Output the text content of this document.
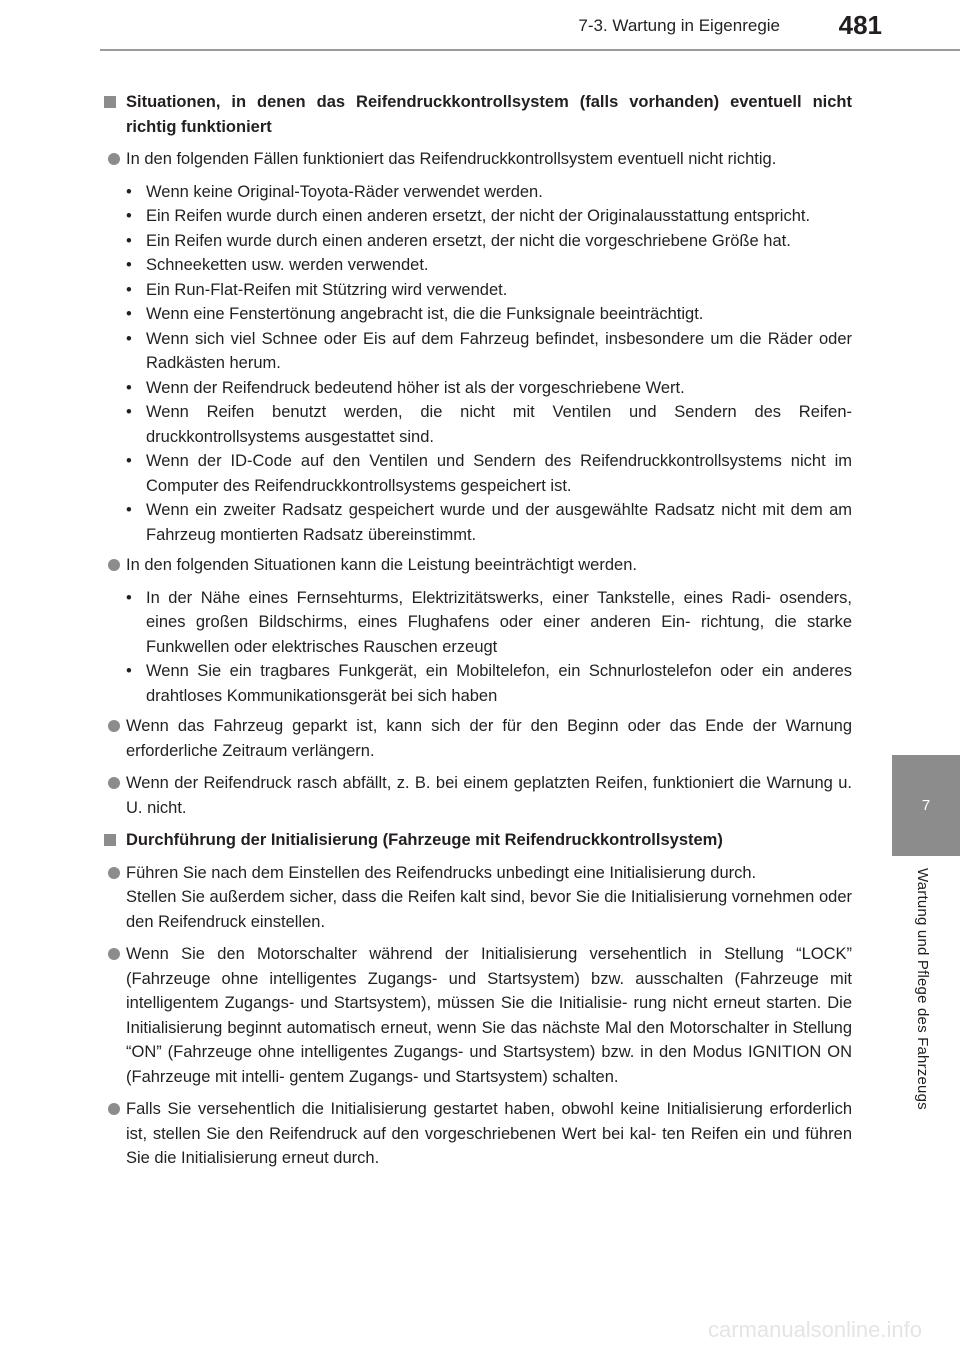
7-3. Wartung in Eigenregie 481
7
Wartung und Pflege des Fahrzeugs
Situationen, in denen das Reifendruckkontrollsystem (falls vorhanden) eventuell nicht richtig funktioniert
In den folgenden Fällen funktioniert das Reifendruckkontrollsystem eventuell nicht richtig.
• Wenn keine Original-Toyota-Räder verwendet werden.
• Ein Reifen wurde durch einen anderen ersetzt, der nicht der Originalausstattung entspricht.
• Ein Reifen wurde durch einen anderen ersetzt, der nicht die vorgeschriebene Größe hat.
• Schneeketten usw. werden verwendet.
• Ein Run-Flat-Reifen mit Stützring wird verwendet.
• Wenn eine Fenstertönung angebracht ist, die die Funksignale beeinträchtigt.
• Wenn sich viel Schnee oder Eis auf dem Fahrzeug befindet, insbesondere um die Räder oder Radkästen herum.
• Wenn der Reifendruck bedeutend höher ist als der vorgeschriebene Wert.
• Wenn Reifen benutzt werden, die nicht mit Ventilen und Sendern des Reifen- druckkontrollsystems ausgestattet sind.
• Wenn der ID-Code auf den Ventilen und Sendern des Reifendruckkontrollsystems nicht im Computer des Reifendruckkontrollsystems gespeichert ist.
• Wenn ein zweiter Radsatz gespeichert wurde und der ausgewählte Radsatz nicht mit dem am Fahrzeug montierten Radsatz übereinstimmt.
In den folgenden Situationen kann die Leistung beeinträchtigt werden.
• In der Nähe eines Fernsehturms, Elektrizitätswerks, einer Tankstelle, eines Radi- osenders, eines großen Bildschirms, eines Flughafens oder einer anderen Ein- richtung, die starke Funkwellen oder elektrisches Rauschen erzeugt
• Wenn Sie ein tragbares Funkgerät, ein Mobiltelefon, ein Schnurlostelefon oder ein anderes drahtloses Kommunikationsgerät bei sich haben
Wenn das Fahrzeug geparkt ist, kann sich der für den Beginn oder das Ende der Warnung erforderliche Zeitraum verlängern.
Wenn der Reifendruck rasch abfällt, z. B. bei einem geplatzten Reifen, funktioniert die Warnung u. U. nicht.
Durchführung der Initialisierung (Fahrzeuge mit Reifendruckkontrollsystem)
Führen Sie nach dem Einstellen des Reifendrucks unbedingt eine Initialisierung durch.
Stellen Sie außerdem sicher, dass die Reifen kalt sind, bevor Sie die Initialisierung vornehmen oder den Reifendruck einstellen.
Wenn Sie den Motorschalter während der Initialisierung versehentlich in Stellung “LOCK” (Fahrzeuge ohne intelligentes Zugangs- und Startsystem) bzw. ausschalten (Fahrzeuge mit intelligentem Zugangs- und Startsystem), müssen Sie die Initialisie- rung nicht erneut starten. Die Initialisierung beginnt automatisch erneut, wenn Sie das nächste Mal den Motorschalter in Stellung “ON” (Fahrzeuge ohne intelligentes Zugangs- und Startsystem) bzw. in den Modus IGNITION ON (Fahrzeuge mit intelli- gentem Zugangs- und Startsystem) schalten.
Falls Sie versehentlich die Initialisierung gestartet haben, obwohl keine Initialisierung erforderlich ist, stellen Sie den Reifendruck auf den vorgeschriebenen Wert bei kal- ten Reifen ein und führen Sie die Initialisierung erneut durch.
carmanualsonline.info
